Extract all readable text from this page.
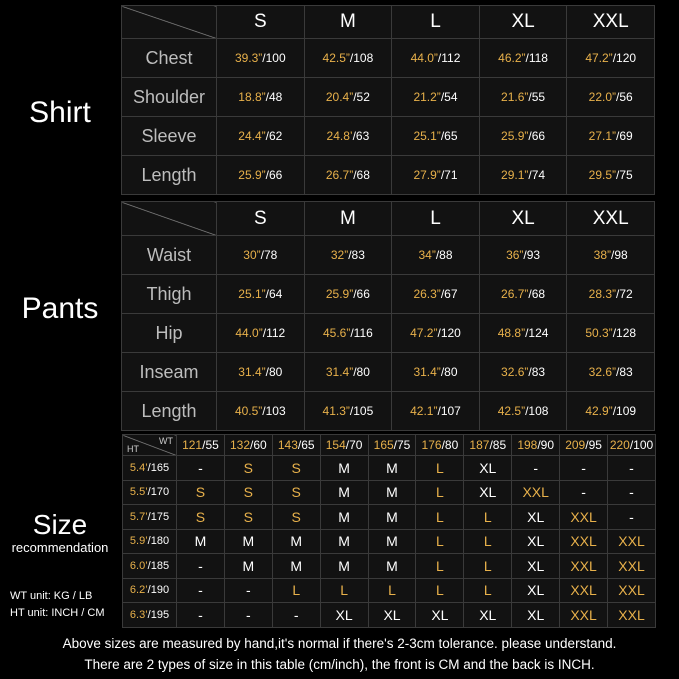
Shirt
Pants
Size
recommendation
WT unit: KG / LB
HT unit: INCH / CM
	S	M	L	XL	XXL
Chest	39.3”/100	42.5”/108	44.0”/112	46.2”/118	47.2”/120
Shoulder	18.8”/48	20.4”/52	21.2”/54	21.6”/55	22.0”/56
Sleeve	24.4”/62	24.8’/63	25.1”/65	25.9”/66	27.1”/69
Length	25.9”/66	26.7”/68	27.9”/71	29.1”/74	29.5”/75
	S	M	L	XL	XXL
Waist	30”/78	32”/83	34”/88	36”/93	38”/98
Thigh	25.1”/64	25.9”/66	26.3”/67	26.7”/68	28.3”/72
Hip	44.0”/112	45.6”/116	47.2”/120	48.8”/124	50.3”/128
Inseam	31.4”/80	31.4”/80	31.4”/80	32.6”/83	32.6”/83
Length	40.5”/103	41.3”/105	42.1”/107	42.5”/108	42.9”/109
WT
HT	121/55	132/60	143/65	154/70	165/75	176/80	187/85	198/90	209/95	220/100
5.4’/165	-	S	S	M	M	L	XL	-	-	-
5.5’/170	S	S	S	M	M	L	XL	XXL	-	-
5.7’/175	S	S	S	M	M	L	L	XL	XXL	-
5.9’/180	M	M	M	M	M	L	L	XL	XXL	XXL
6.0’/185	-	M	M	M	M	L	L	XL	XXL	XXL
6.2’/190	-	-	L	L	L	L	L	XL	XXL	XXL
6.3’/195	-	-	-	XL	XL	XL	XL	XL	XXL	XXL
Above sizes are measured by hand,it's normal if there's 2-3cm tolerance. please understand.
There are 2 types of size in this table (cm/inch), the front is CM and the back is INCH.
